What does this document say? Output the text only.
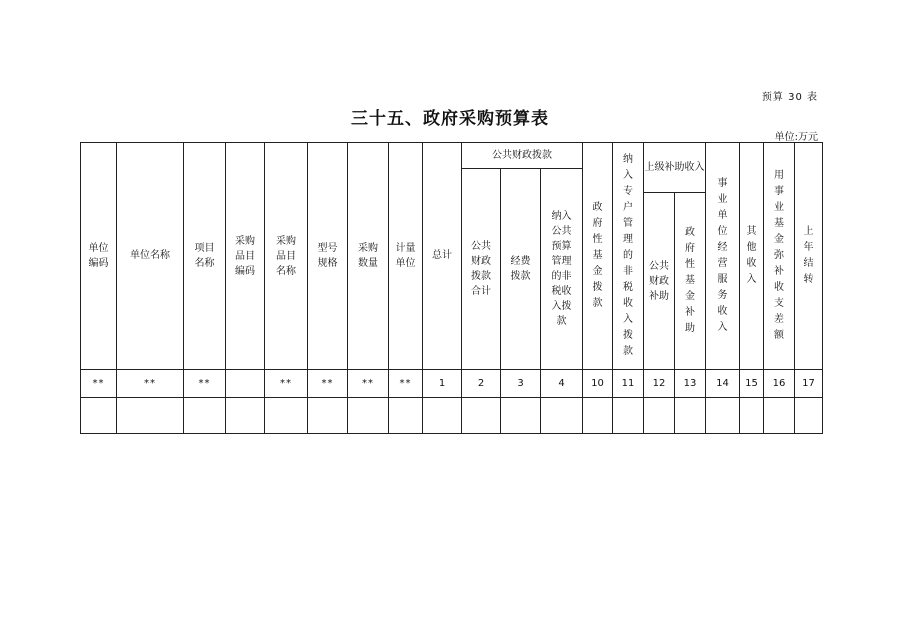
预算 30 表
三十五、政府采购预算表
单位:万元
单位编码	单位名称	项目名称	采购品目编码	采购品目名称	型号规格	采购数量	计量单位	总计	公共财政拨款			政府性基金拨款	纳入专户管理的非税收入拨款	上级补助收入		事业单位经营服务收入	其他收入	用事业基金弥补收支差额	上年结转
									公共财政拨款合计	经费拨款	纳入公共预算管理的非税收入拨款								
														公共财政补助	政府性基金补助				
**	**	**		**	**	**	**	1	2	3	4	10	11	12	13	14	15	16	17
